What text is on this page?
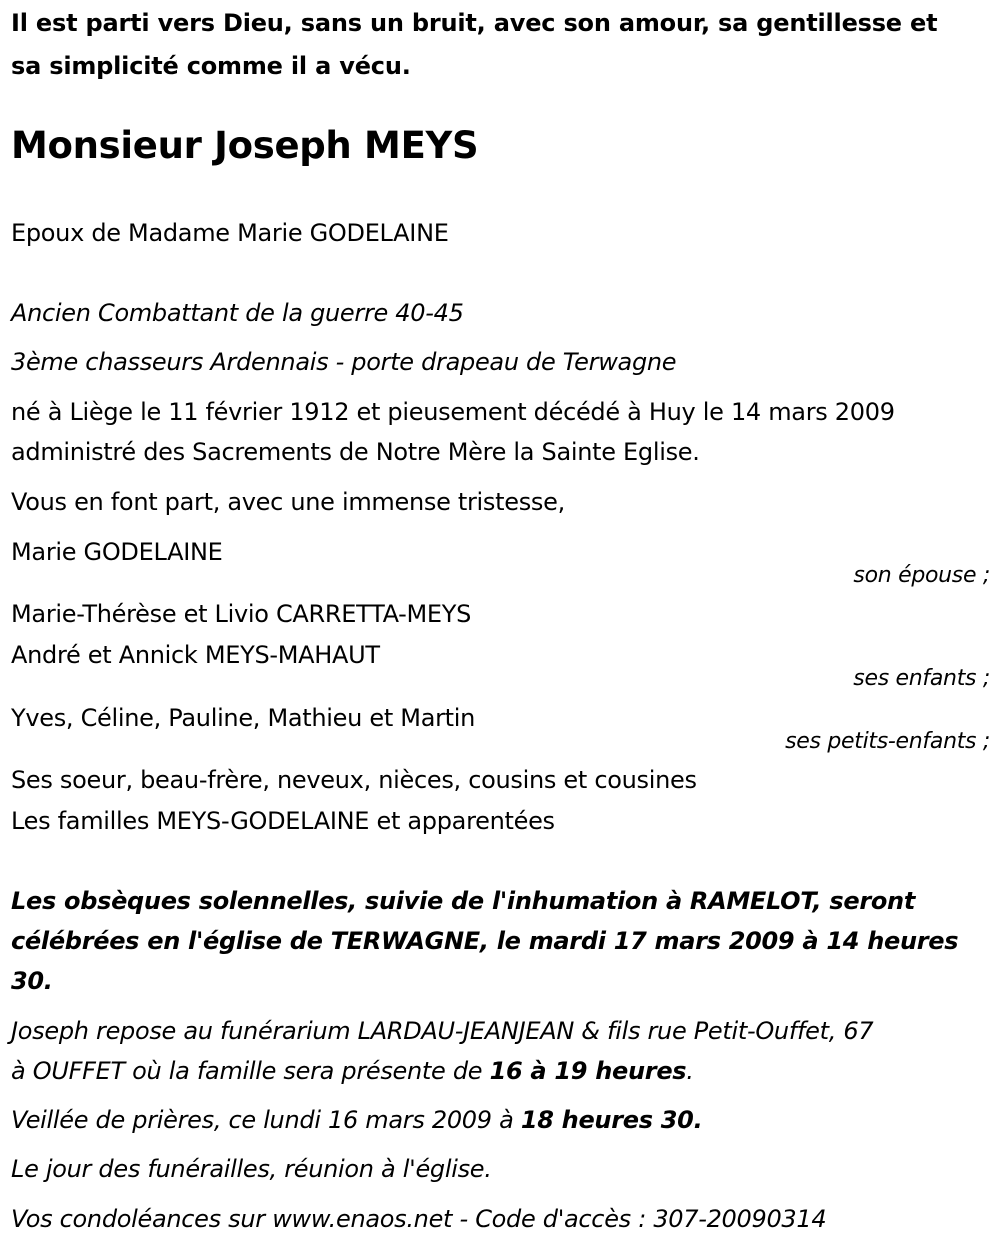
Il est parti vers Dieu, sans un bruit, avec son amour, sa gentillesse et
sa simplicité comme il a vécu.
Monsieur Joseph MEYS
Epoux de Madame Marie GODELAINE
Ancien Combattant de la guerre 40-45
3ème chasseurs Ardennais - porte drapeau de Terwagne
né à Liège le 11 février 1912 et pieusement décédé à Huy le 14 mars 2009
administré des Sacrements de Notre Mère la Sainte Eglise.
Vous en font part, avec une immense tristesse,
Marie GODELAINE
son épouse ;
Marie-Thérèse et Livio CARRETTA-MEYS
André et Annick MEYS-MAHAUT
ses enfants ;
Yves, Céline, Pauline, Mathieu et Martin
ses petits-enfants ;
Ses soeur, beau-frère, neveux, nièces, cousins et cousines
Les familles MEYS-GODELAINE et apparentées
Les obsèques solennelles, suivie de l'inhumation à RAMELOT, seront
célébrées en l'église de TERWAGNE, le mardi 17 mars 2009 à 14 heures
30.
Joseph repose au funérarium LARDAU-JEANJEAN & fils rue Petit-Ouffet, 67
à OUFFET où la famille sera présente de 16 à 19 heures.
Veillée de prières, ce lundi 16 mars 2009 à 18 heures 30.
Le jour des funérailles, réunion à l'église.
Vos condoléances sur www.enaos.net - Code d'accès : 307-20090314
